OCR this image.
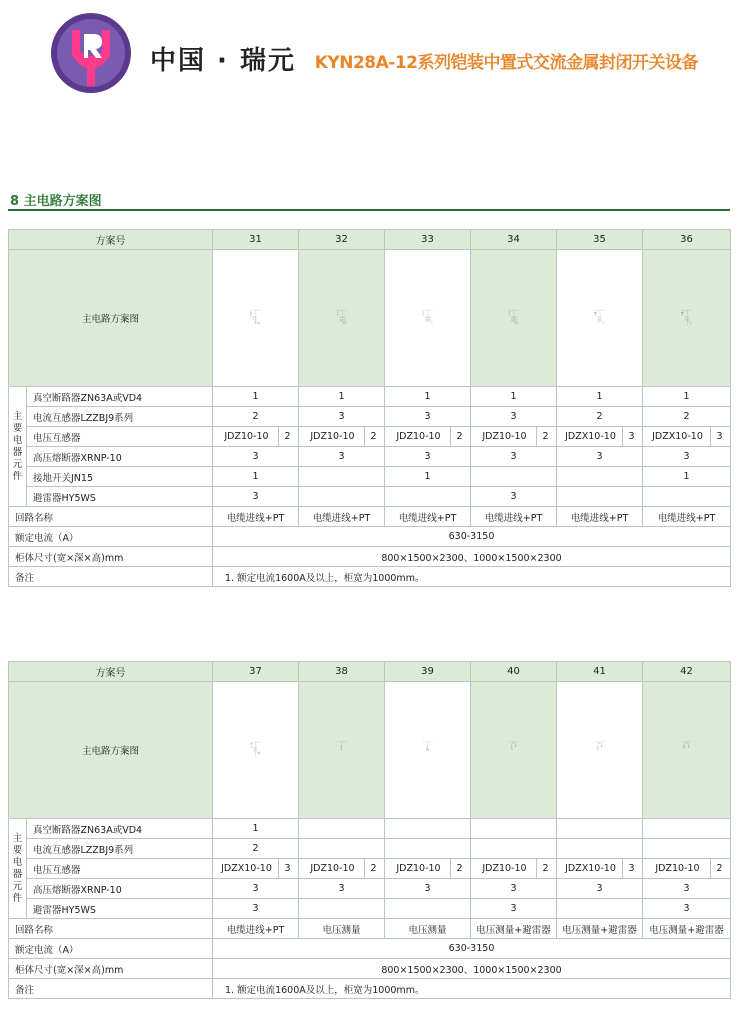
中国 · 瑞元 KYN28A-12系列铠装中置式交流金属封闭开关设备
8 主电路方案图
方案号		31	32	33	34	35	36
主电路方案图	

主要电器元件	真空断路器ZN63A或VD4	1	1	1	1	1	1
	电流互感器LZZBJ9系列	2	3	3	3	2	2
	电压互感器	JDZ10-10 2	JDZ10-10 2	JDZ10-10 2	JDZ10-10 2	JDZX10-10 3	JDZX10-10 3

	高压熔断器XRNP-10	3	3	3	3	3	3
	接地开关JN15	1		1			1
	避雷器HY5WS	3			3		
回路名称		电缆进线+PT	电缆进线+PT	电缆进线+PT	电缆进线+PT	电缆进线+PT	电缆进线+PT
额定电流（A）		630-3150					
柜体尺寸(宽×深×高)mm		800×1500×2300、1000×1500×2300					
备注		1. 额定电流1600A及以上，柜宽为1000mm。					
方案号		37	38	39	40	41	42
主电路方案图	

主要电器元件	真空断路器ZN63A或VD4	1					
	电流互感器LZZBJ9系列	2					
	电压互感器	JDZX10-10 3	JDZ10-10 2	JDZ10-10 2	JDZ10-10 2	JDZX10-10 3	JDZ10-10 2

	高压熔断器XRNP-10	3	3	3	3	3	3
	避雷器HY5WS	3			3		3
回路名称		电缆进线+PT	电压测量	电压测量	电压测量+避雷器	电压测量+避雷器	电压测量+避雷器
额定电流（A）		630-3150					
柜体尺寸(宽×深×高)mm		800×1500×2300、1000×1500×2300					
备注		1. 额定电流1600A及以上，柜宽为1000mm。					
